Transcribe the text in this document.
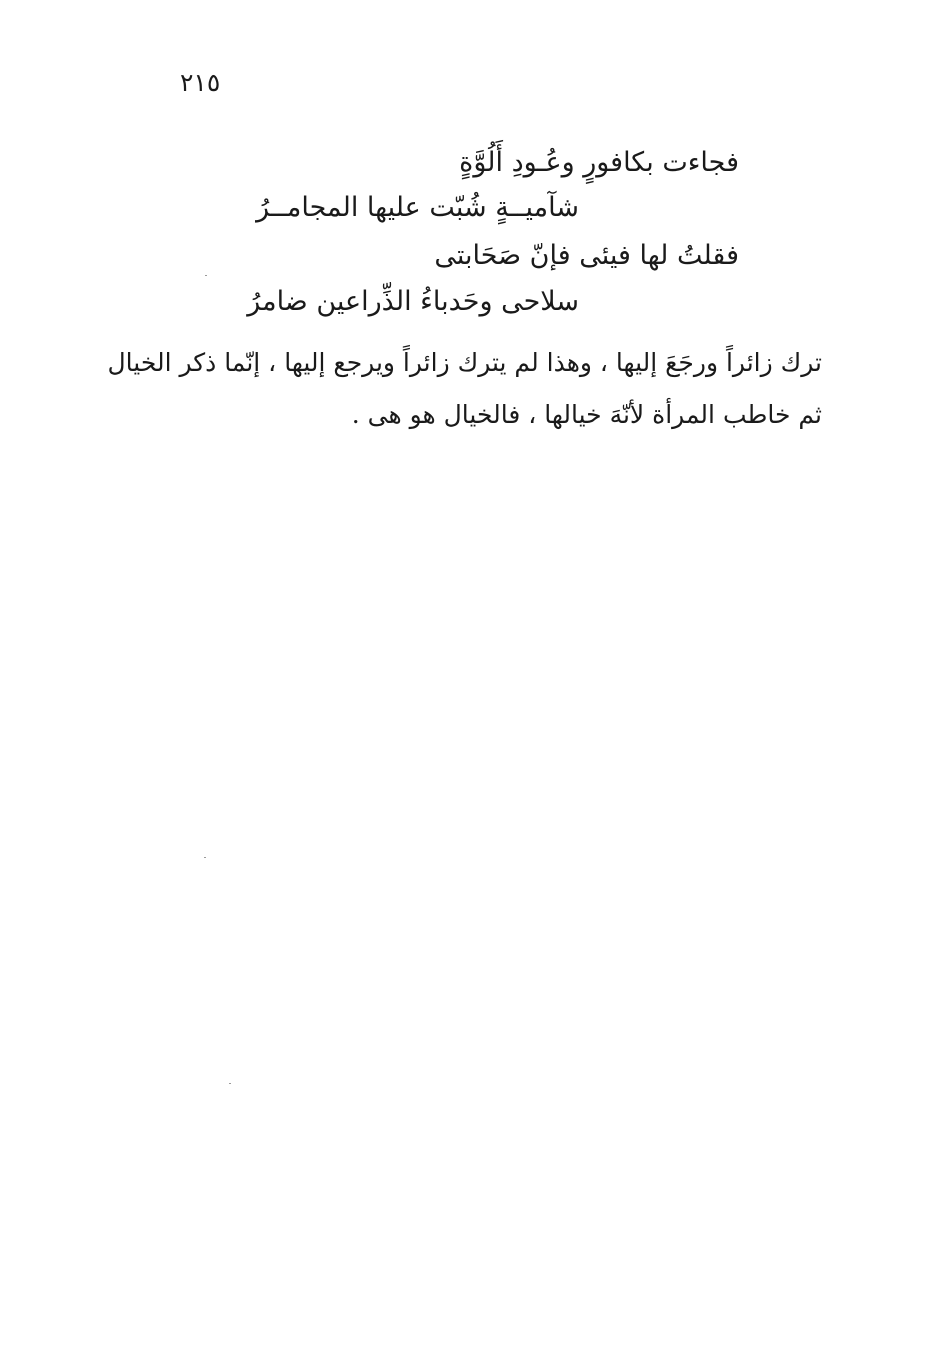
٢١٥
فجاءت بكافورٍ وعُـودِ أَلُوَّةٍ
شآميــةٍ شُبّت عليها المجامــرُ
فقلتُ لها فيئى فإنّ صَحَابتى
سلاحى وحَدباءُ الذِّراعين ضامرُ
ترك زائراً ورجَعَ إليها ، وهذا لم يترك زائراً ويرجع إليها ، إنّما ذكر الخيال
ثم خاطب المرأة لأنّهَ خيالها ، فالخيال هو هى .
